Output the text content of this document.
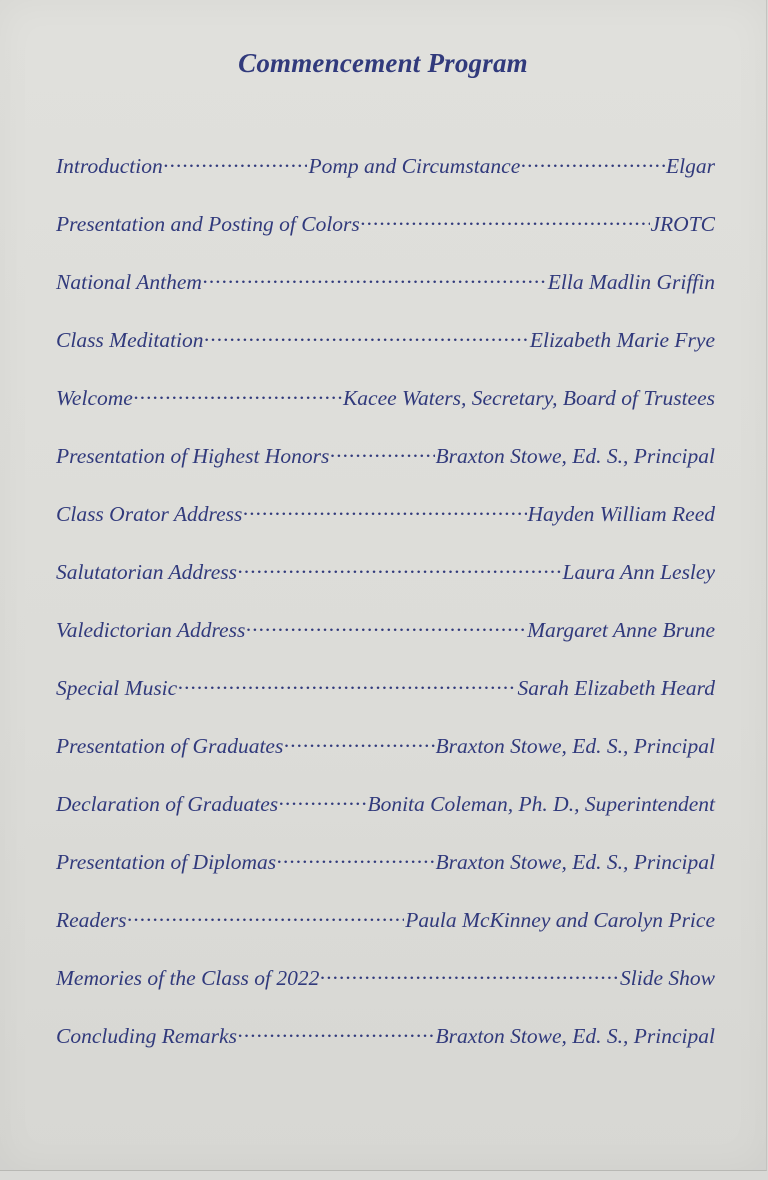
Commencement Program
Introduction .....	Pomp and Circumstance .....	Elgar
Presentation and Posting of Colors .....	JROTC
National Anthem .....	Ella Madlin Griffin
Class Meditation .....	Elizabeth Marie Frye
Welcome .....	Kacee Waters, Secretary, Board of Trustees
Presentation of Highest Honors .....	Braxton Stowe, Ed. S., Principal
Class Orator Address .....	Hayden William Reed
Salutatorian Address .....	Laura Ann Lesley
Valedictorian Address .....	Margaret Anne Brune
Special Music .....	Sarah Elizabeth Heard
Presentation of Graduates .....	Braxton Stowe, Ed. S., Principal
Declaration of Graduates .....	Bonita Coleman, Ph. D., Superintendent
Presentation of Diplomas .....	Braxton Stowe, Ed. S., Principal
Readers .....	Paula McKinney and Carolyn Price
Memories of the Class of 2022 .....	Slide Show
Concluding Remarks .....	Braxton Stowe, Ed. S., Principal
